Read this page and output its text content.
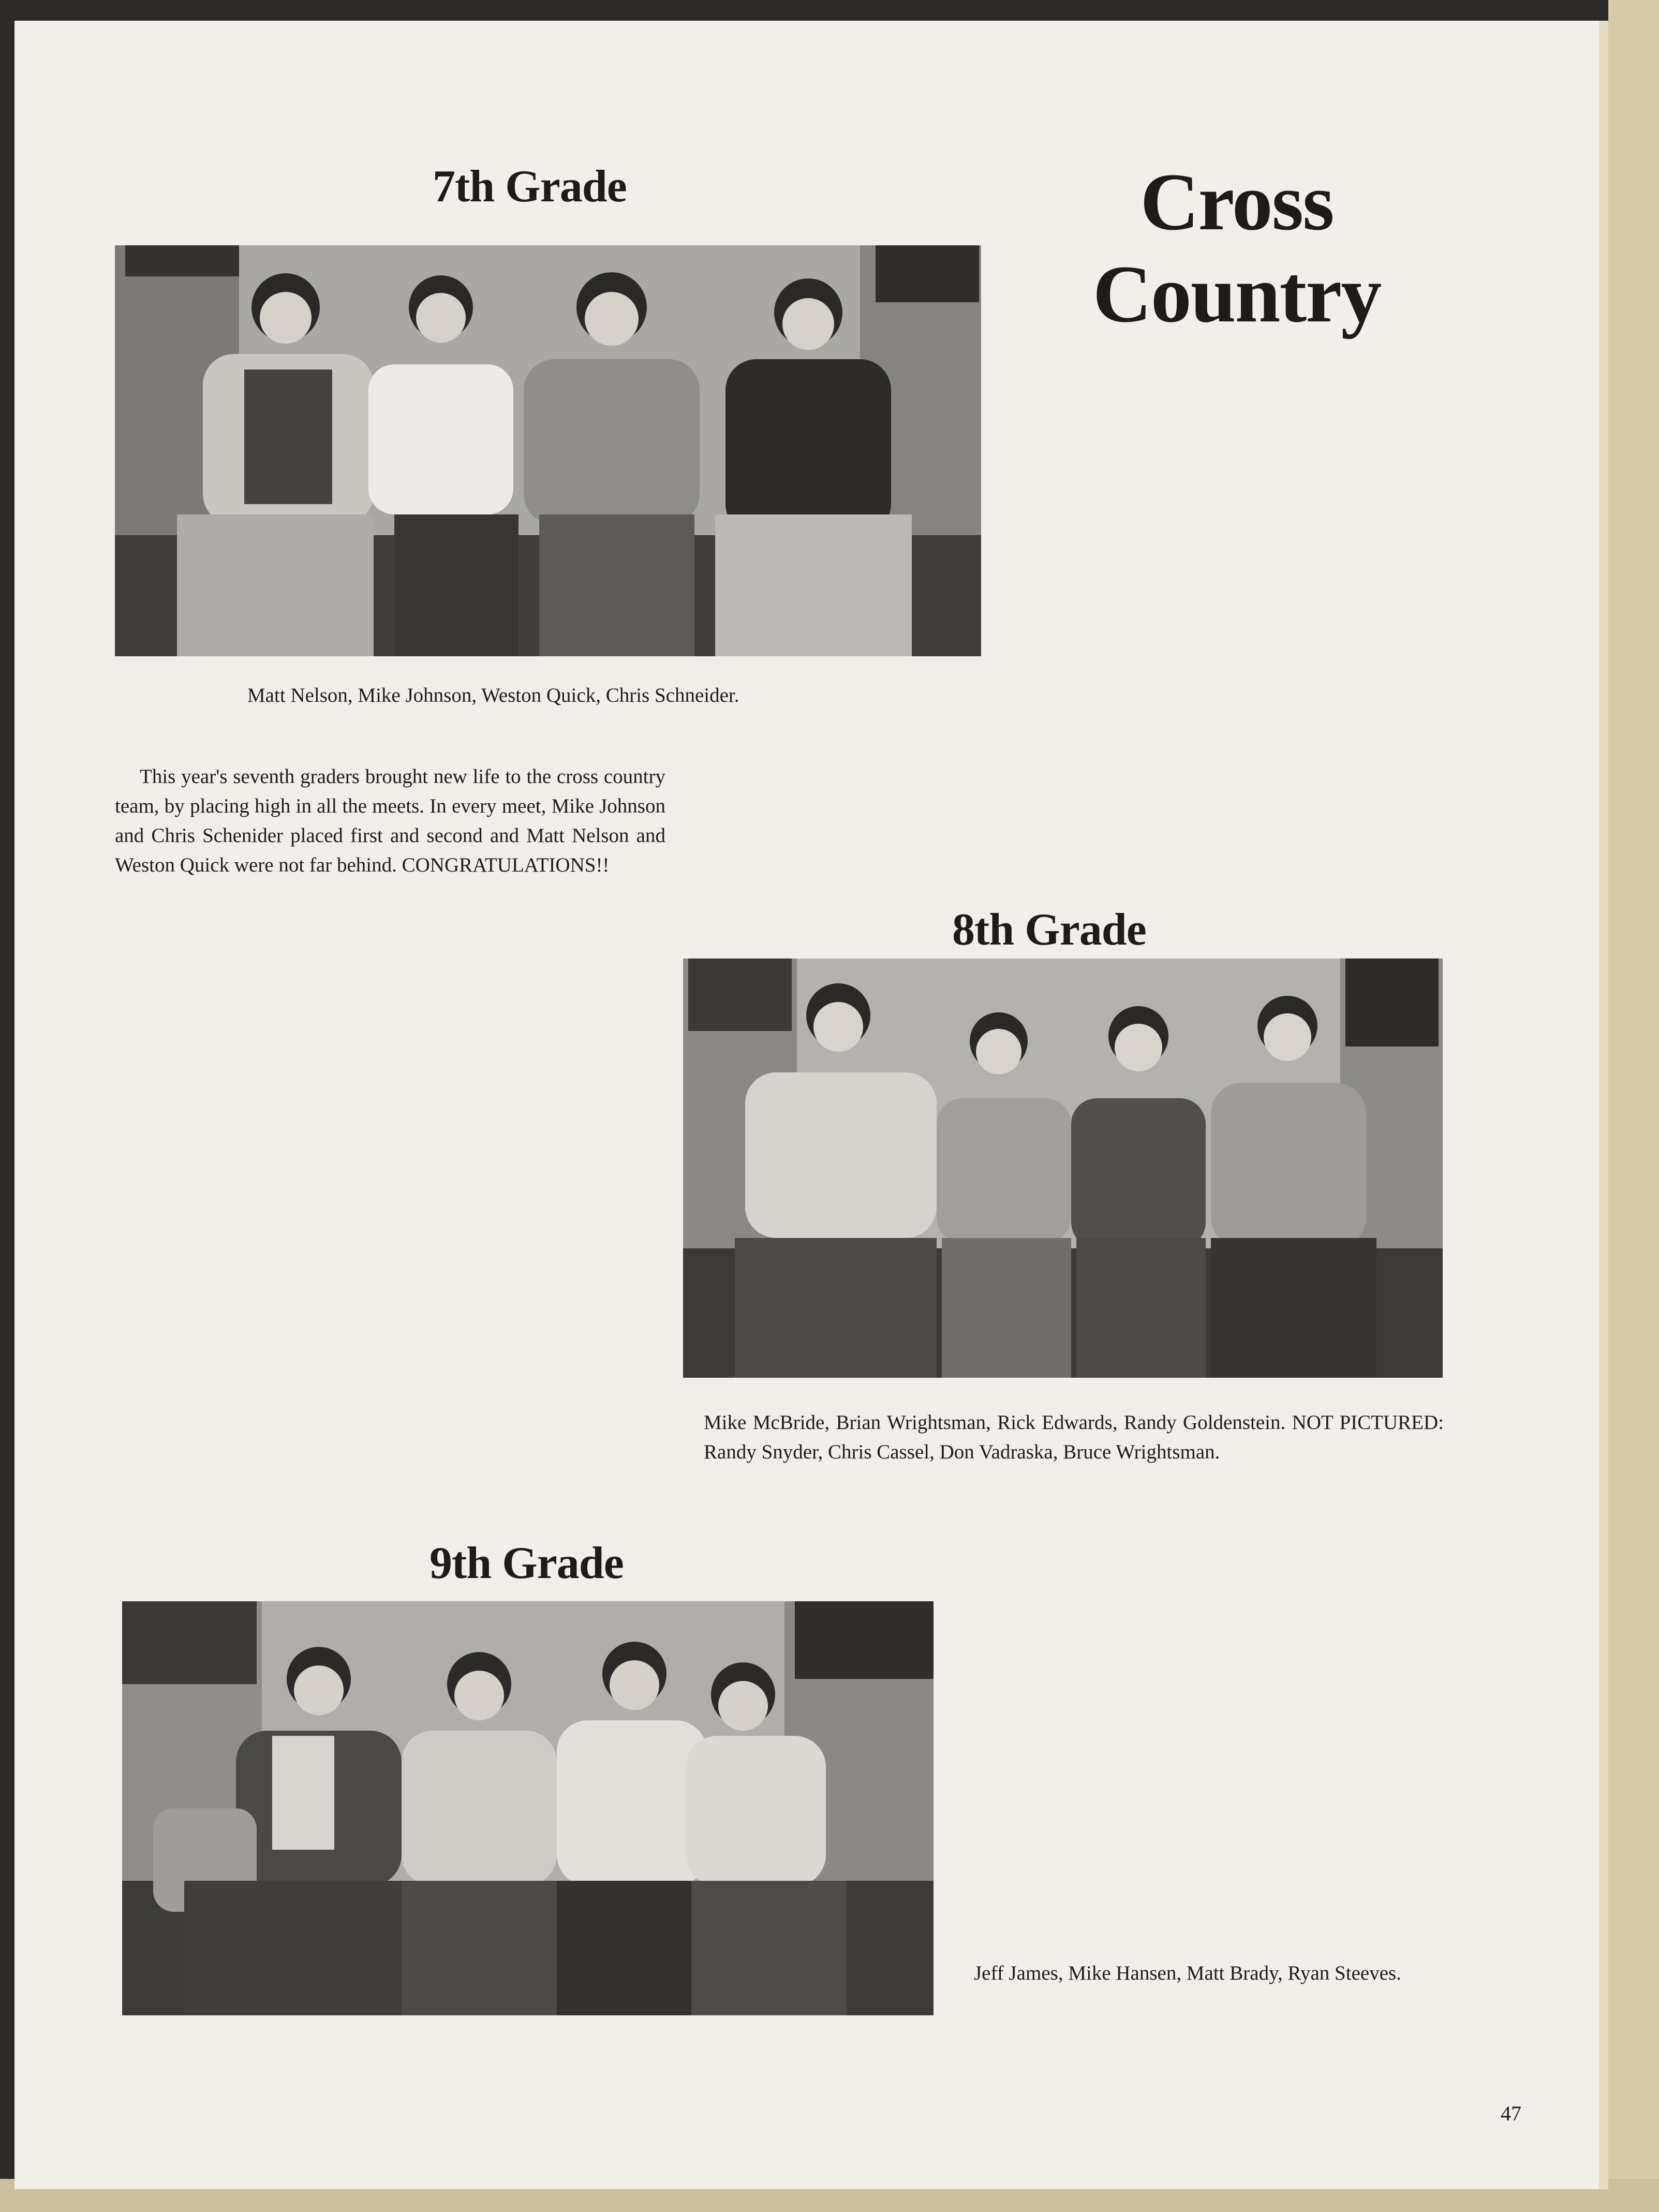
Cross

Country

7th Grade

Matt Nelson, Mike Johnson, Weston Quick, Chris Schneider.

This year's seventh graders brought new life to the cross country team, by placing high in all the meets. In every meet, Mike Johnson and Chris Schenider placed first and second and Matt Nelson and Weston Quick were not far behind. CONGRATULATIONS!!

8th Grade

Mike McBride, Brian Wrightsman, Rick Edwards, Randy Goldenstein. NOT PICTURED: Randy Snyder, Chris Cassel, Don Vadraska, Bruce Wrightsman.

9th Grade

Jeff James, Mike Hansen, Matt Brady, Ryan Steeves.

47
